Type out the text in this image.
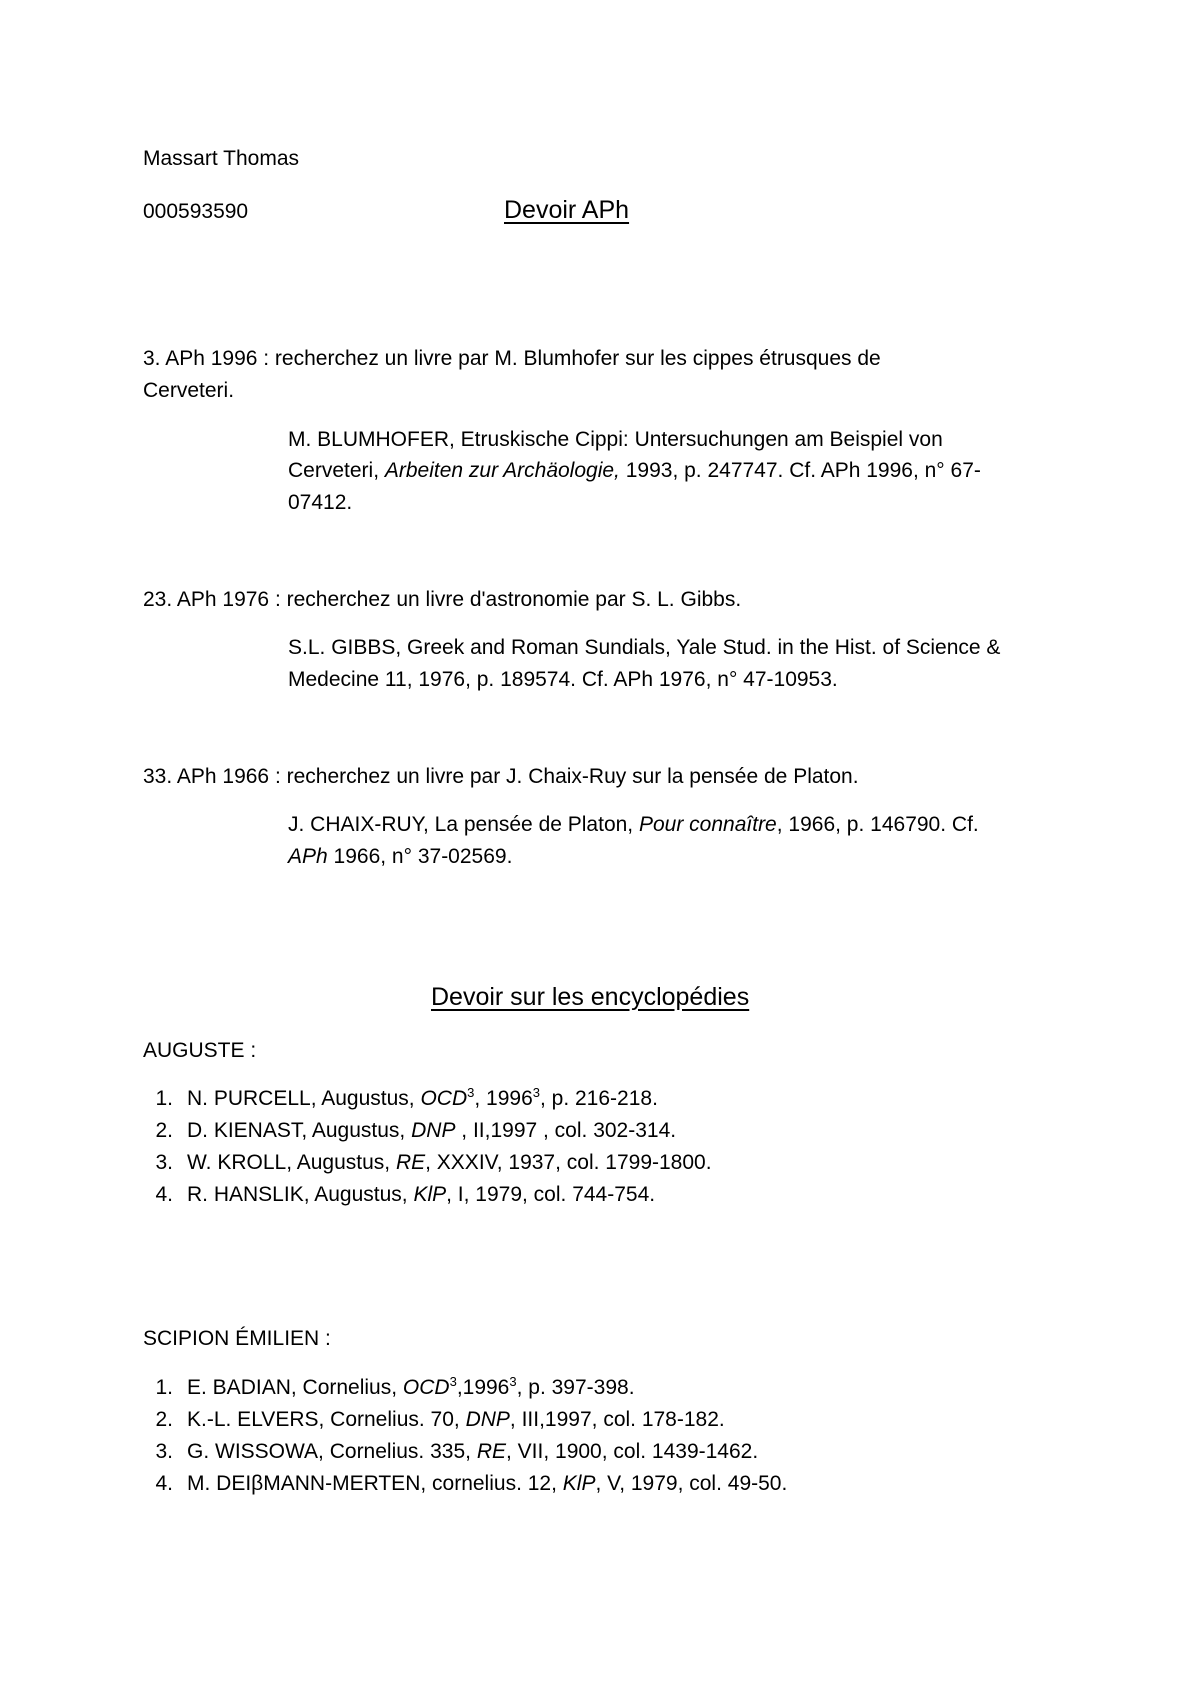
Massart Thomas
000593590	Devoir APh
3. APh 1996 : recherchez un livre par M. Blumhofer sur les cippes étrusques de
Cerveteri.
M. BLUMHOFER, Etruskische Cippi: Untersuchungen am Beispiel von
Cerveteri, Arbeiten zur Archäologie, 1993, p. 247747. Cf. APh 1996, n° 67-
07412.
23. APh 1976 : recherchez un livre d'astronomie par S. L. Gibbs.
S.L. GIBBS, Greek and Roman Sundials, Yale Stud. in the Hist. of Science &
Medecine 11, 1976, p. 189574. Cf. APh 1976, n° 47-10953.
33. APh 1966 : recherchez un livre par J. Chaix-Ruy sur la pensée de Platon.
J. CHAIX-RUY, La pensée de Platon, Pour connaître, 1966, p. 146790. Cf.
APh 1966, n° 37-02569.
Devoir sur les encyclopédies
AUGUSTE :
1. N. PURCELL, Augustus, OCD$^3$, 1996$^3$, p. 216-218.
2. D. KIENAST, Augustus, DNP , II,1997 , col. 302-314.
3. W. KROLL, Augustus, RE, XXXIV, 1937, col. 1799-1800.
4. R. HANSLIK, Augustus, KlP, I, 1979, col. 744-754.
SCIPION ÉMILIEN :
1. E. BADIAN, Cornelius, OCD$^3$,1996$^3$, p. 397-398.
2. K.-L. ELVERS, Cornelius. 70, DNP, III,1997, col. 178-182.
3. G. WISSOWA, Cornelius. 335, RE, VII, 1900, col. 1439-1462.
4. M. DEIβMANN-MERTEN, cornelius. 12, KlP, V, 1979, col. 49-50.
